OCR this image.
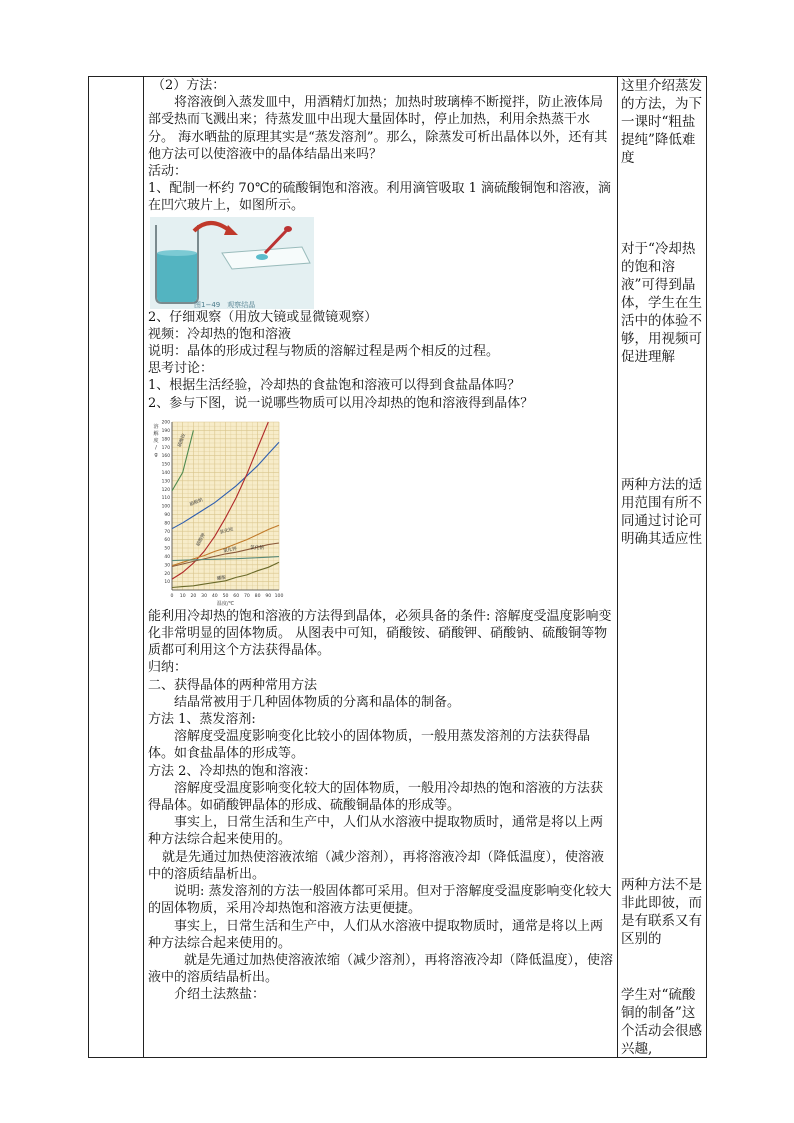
（2）方法：

将溶液倒入蒸发皿中，用酒精灯加热；加热时玻璃棒不断搅拌，防止液体局部受热而飞溅出来；待蒸发皿中出现大量固体时，停止加热，利用余热蒸干水分。 海水晒盐的原理其实是“蒸发溶剂”。那么，除蒸发可析出晶体以外，还有其他方法可以使溶液中的晶体结晶出来吗？

活动：

1、配制一杯约 70℃的硫酸铜饱和溶液。利用滴管吸取 1 滴硫酸铜饱和溶液，滴在凹穴玻片上，如图所示。

图1−49　观察结晶

2、仔细观察（用放大镜或显微镜观察）

视频：冷却热的饱和溶液

说明：晶体的形成过程与物质的溶解过程是两个相反的过程。

思考讨论：

1、根据生活经验，冷却热的食盐饱和溶液可以得到食盐晶体吗？

2、参与下图，说一说哪些物质可以用冷却热的饱和溶液得到晶体？

0 10 20 30 40 50 60 70 80 90 100
10
20
30
40
50
60
70
80
90
100
110
120
130
140
150
160
170
180
190
200
温度/℃
溶
解
度
/
g
硝酸铵
硝酸钠
硝酸钾
氯化铵
氯化钾	氯化钠
硼酸

能利用冷却热的饱和溶液的方法得到晶体，必须具备的条件: 溶解度受温度影响变化非常明显的固体物质。 从图表中可知，硝酸铵、硝酸钾、硝酸钠、硫酸铜等物质都可利用这个方法获得晶体。

归纳：

二、获得晶体的两种常用方法

结晶常被用于几种固体物质的分离和晶体的制备。

方法 1、蒸发溶剂:

溶解度受温度影响变化比较小的固体物质，一般用蒸发溶剂的方法获得晶体。如食盐晶体的形成等。

方法 2、冷却热的饱和溶液：

溶解度受温度影响变化较大的固体物质，一般用冷却热的饱和溶液的方法获得晶体。如硝酸钾晶体的形成、硫酸铜晶体的形成等。

事实上，日常生活和生产中，人们从水溶液中提取物质时，通常是将以上两种方法综合起来使用的。

就是先通过加热使溶液浓缩（减少溶剂），再将溶液冷却（降低温度），使溶液中的溶质结晶析出。

说明: 蒸发溶剂的方法一般固体都可采用。但对于溶解度受温度影响变化较大的固体物质，采用冷却热饱和溶液方法更便捷。

事实上，日常生活和生产中，人们从水溶液中提取物质时，通常是将以上两种方法综合起来使用的。

就是先通过加热使溶液浓缩（减少溶剂），再将溶液冷却（降低温度），使溶液中的溶质结晶析出。

介绍土法熬盐：

这里介绍蒸发的方法，为下一课时“粗盐提纯”降低难度

对于“冷却热的饱和溶液”可得到晶体，学生在生活中的体验不够，用视频可促进理解

两种方法的适用范围有所不同通过讨论可明确其适应性

两种方法不是非此即彼，而是有联系又有区别的

学生对“硫酸铜的制备”这个活动会很感兴趣,
